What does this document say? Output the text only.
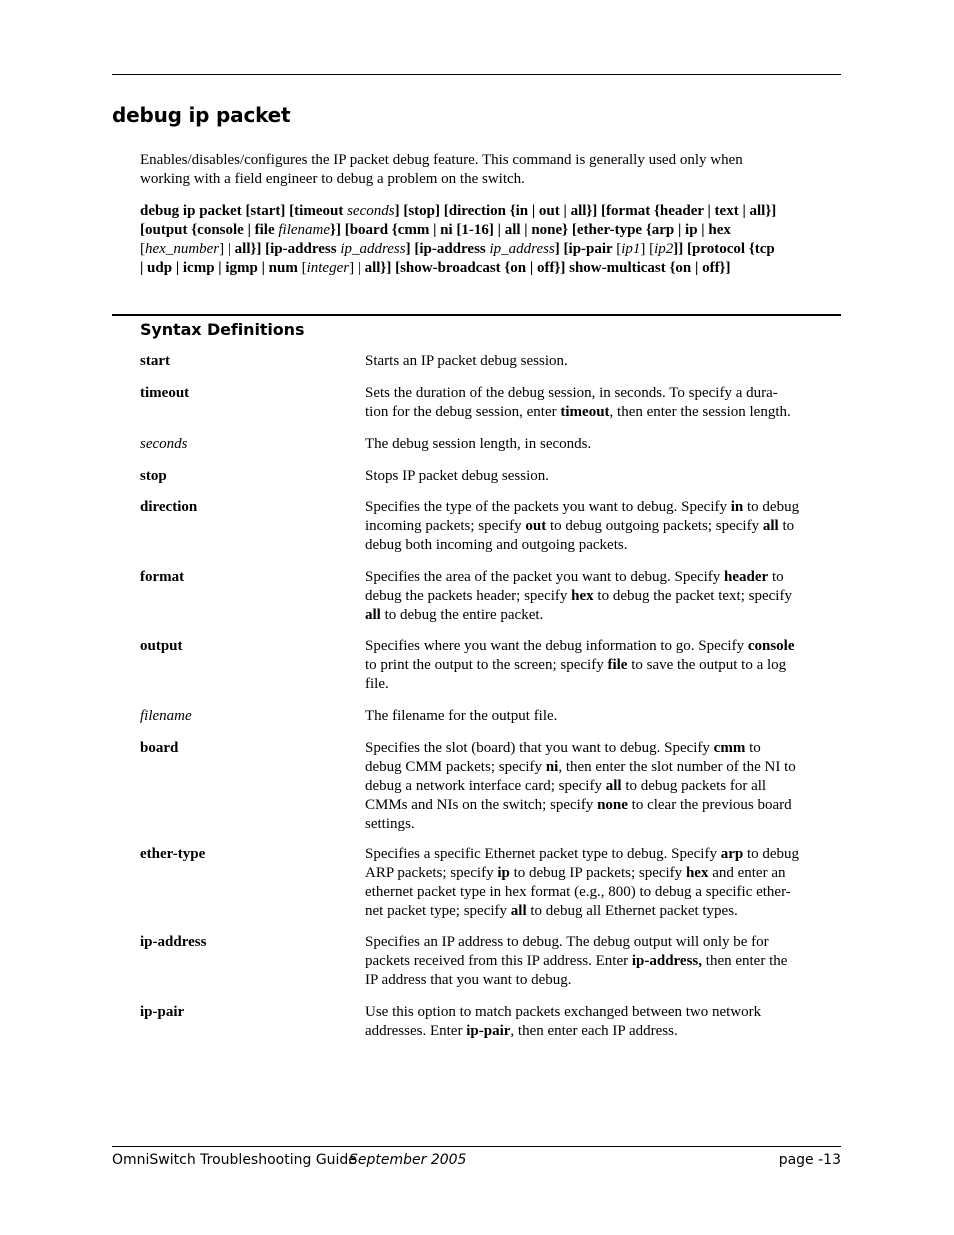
debug ip packet

Enables/disables/configures the IP packet debug feature. This command is generally used only when
working with a field engineer to debug a problem on the switch.

debug ip packet [start] [timeout seconds] [stop] [direction {in | out | all}] [format {header | text | all}]
[output {console | file filename}] [board {cmm | ni [1-16] | all | none} [ether-type {arp | ip | hex
[hex_number] | all}] [ip-address ip_address] [ip-address ip_address] [ip-pair [ip1] [ip2]] [protocol {tcp
| udp | icmp | igmp | num [integer] | all}] [show-broadcast {on | off}] show-multicast {on | off}]

Syntax Definitions
start	Starts an IP packet debug session.
timeout	Sets the duration of the debug session, in seconds. To specify a dura-
tion for the debug session, enter timeout, then enter the session length.
seconds	The debug session length, in seconds.
stop	Stops IP packet debug session.
direction	Specifies the type of the packets you want to debug. Specify in to debug
incoming packets; specify out to debug outgoing packets; specify all to
debug both incoming and outgoing packets.
format	Specifies the area of the packet you want to debug. Specify header to
debug the packets header; specify hex to debug the packet text; specify
all to debug the entire packet.
output	Specifies where you want the debug information to go. Specify console
to print the output to the screen; specify file to save the output to a log
file.
filename	The filename for the output file.
board	Specifies the slot (board) that you want to debug. Specify cmm to
debug CMM packets; specify ni, then enter the slot number of the NI to
debug a network interface card; specify all to debug packets for all
CMMs and NIs on the switch; specify none to clear the previous board
settings.
ether-type	Specifies a specific Ethernet packet type to debug. Specify arp to debug
ARP packets; specify ip to debug IP packets; specify hex and enter an
ethernet packet type in hex format (e.g., 800) to debug a specific ether-
net packet type; specify all to debug all Ethernet packet types.
ip-address	Specifies an IP address to debug. The debug output will only be for
packets received from this IP address. Enter ip-address, then enter the
IP address that you want to debug.
ip-pair	Use this option to match packets exchanged between two network
addresses. Enter ip-pair, then enter each IP address.
OmniSwitch Troubleshooting Guide
September 2005	page -13
